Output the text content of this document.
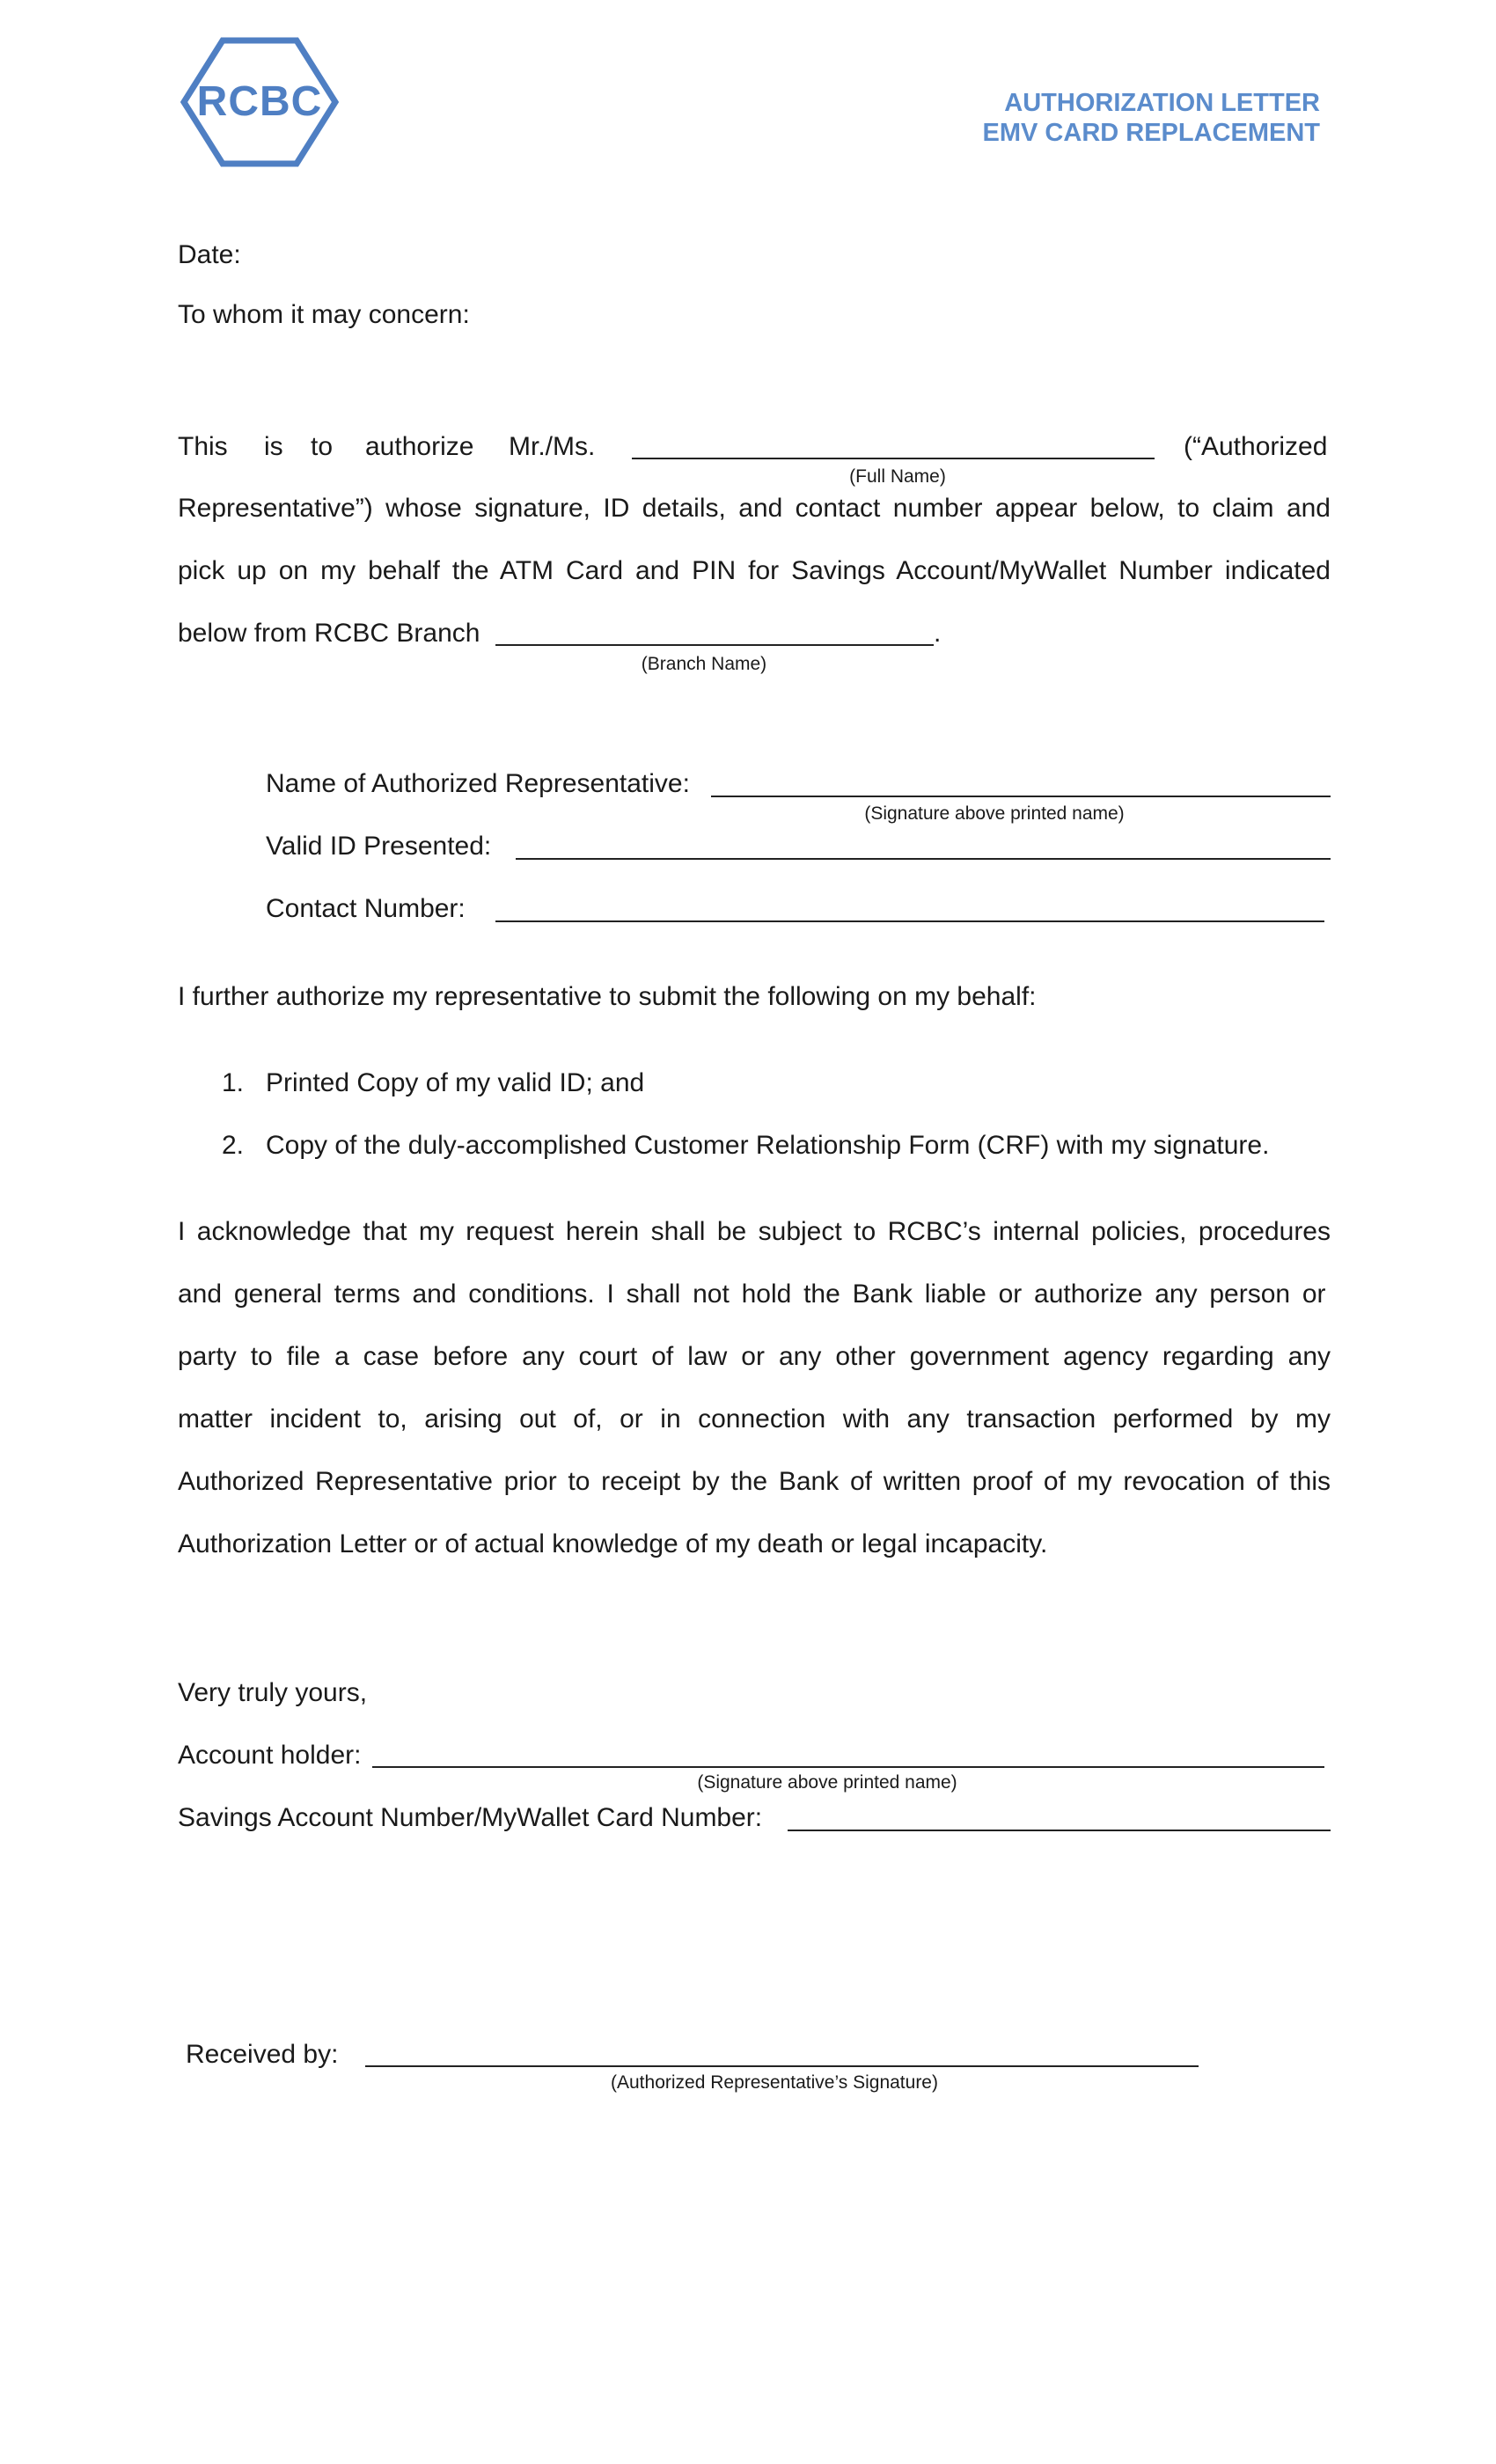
RCBC	AUTHORIZATION LETTER
EMV CARD REPLACEMENT
Date:
To whom it may concern:
This is to authorize Mr./Ms.	(“Authorized
(Full Name)
Representative”) whose signature, ID details, and contact number appear below, to claim and
pick up on my behalf the ATM Card and PIN for Savings Account/MyWallet Number indicated
below from RCBC Branch	.
(Branch Name)
Name of Authorized Representative:
(Signature above printed name)
Valid ID Presented:
Contact Number:
I further authorize my representative to submit the following on my behalf:
1. Printed Copy of my valid ID; and
2. Copy of the duly-accomplished Customer Relationship Form (CRF) with my signature.
I acknowledge that my request herein shall be subject to RCBC’s internal policies, procedures
and general terms and conditions. I shall not hold the Bank liable or authorize any person or
party to file a case before any court of law or any other government agency regarding any
matter incident to, arising out of, or in connection with any transaction performed by my
Authorized Representative prior to receipt by the Bank of written proof of my revocation of this
Authorization Letter or of actual knowledge of my death or legal incapacity.
Very truly yours,
Account holder:
(Signature above printed name)
Savings Account Number/MyWallet Card Number:
Received by:
(Authorized Representative’s Signature)
